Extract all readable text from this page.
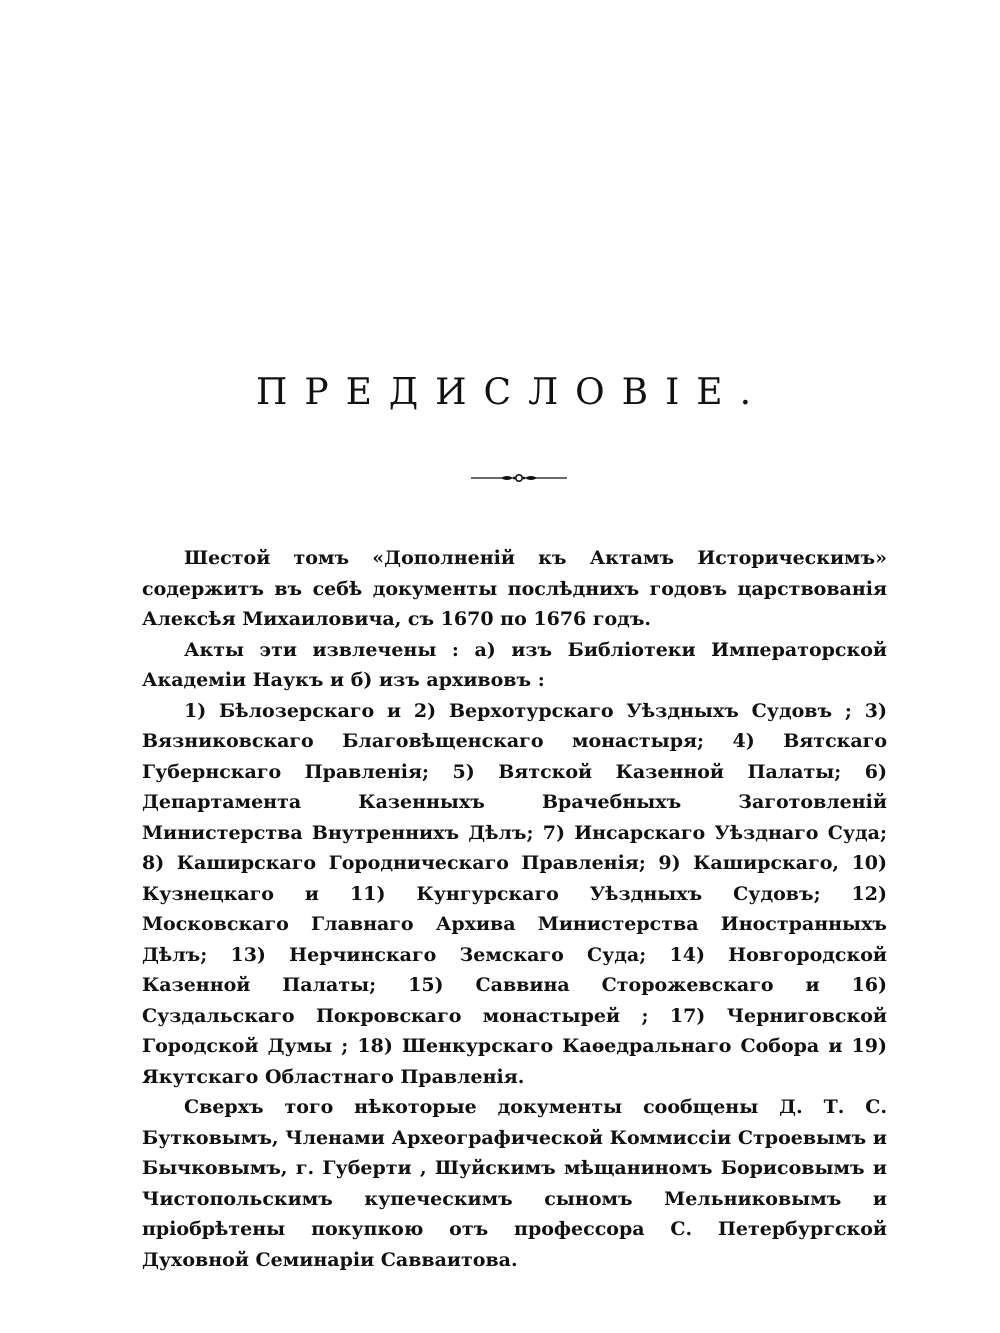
ПРЕДИСЛОВІЕ.

Шестой томъ «Дополненій къ Актамъ Историческимъ» содержитъ въ себѣ документы послѣднихъ годовъ царствованія Алексѣя Михаиловича, съ 1670 по 1676 годъ.

Акты эти извлечены : а) изъ Библіотеки Императорской Академіи Наукъ и б) изъ архивовъ :

1) Бѣлозерскаго и 2) Верхотурскаго Уѣздныхъ Судовъ ; 3) Вязниковскаго Благовѣщенскаго монастыря; 4) Вятскаго Губернскаго Правленія; 5) Вятской Казенной Палаты; 6) Департамента Казенныхъ Врачебныхъ Заготовленій Министерства Внутреннихъ Дѣлъ; 7) Инсарскаго Уѣзднаго Суда; 8) Каширскаго Городническаго Правленія; 9) Каширскаго, 10) Кузнецкаго и 11) Кунгурскаго Уѣздныхъ Судовъ; 12) Московскаго Главнаго Архива Министерства Иностранныхъ Дѣлъ; 13) Нерчинскаго Земскаго Суда; 14) Новгородской Казенной Палаты; 15) Саввина Сторожевскаго и 16) Суздальскаго Покровскаго монастырей ; 17) Черниговской Городской Думы ; 18) Шенкурскаго Каѳедральнаго Собора и 19) Якутскаго Областнаго Правленія.

Сверхъ того нѣкоторые документы сообщены Д. Т. С. Бутковымъ, Членами Археографической Коммиссіи Строевымъ и Бычковымъ, г. Губерти , Шуйскимъ мѣщаниномъ Борисовымъ и Чистопольскимъ купеческимъ сыномъ Мельниковымъ и пріобрѣтены покупкою отъ профессора С. Петербургской Духовной Семинаріи Савваитова.
